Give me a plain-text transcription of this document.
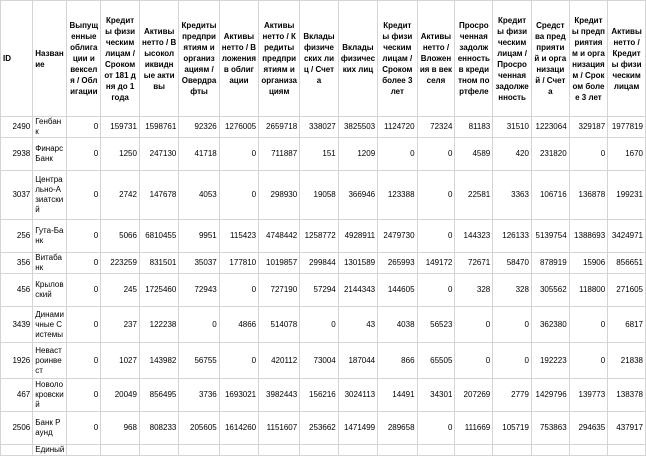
ID	Название	Выпущенные облигации и векселя / Облигации	Кредиты физическим лицам / Сроком от 181 дня до 1 года	Активы нетто / Высоколиквидные активы	Кредиты предприятиям и организациям / Овердрафты	Активы нетто / Вложения в облигации	Активы нетто / Кредиты предприятиям и организациям	Вклады физических лиц / Счета	Вклады физических лиц	Кредиты физическим лицам / Сроком более 3 лет	Активы нетто / Вложения в векселя	Просроченная задолженность в кредитном портфеле	Кредиты физическим лицам / Просроченная задолженность	Средства предприятий и организаций / Счета	Кредиты предприятиям и организациям / Сроком более 3 лет	Активы нетто / Кредиты физическим лицам
2490	Генбанк	0	159731	1598761	92326	1276005	2659718	338027	3825503	1124720	72324	81183	31510	1223064	329187	1977819
2938	Финарс Банк	0	1250	247130	41718	0	711887	151	1209	0	0	4589	420	231820	0	1670
3037	Центрально-Азиатский	0	2742	147678	4053	0	298930	19058	366946	123388	0	22581	3363	106716	136878	199231
256	Гута-Банк	0	5066	6810455	9951	115423	4748442	1258772	4928911	2479730	0	144323	126133	5139754	1388693	3424971
356	Витабанк	0	223259	831501	35037	177810	1019857	299844	1301589	265993	149172	72671	58470	878919	15906	856651
456	Крыловский	0	245	1725460	72943	0	727190	57294	2144343	144605	0	328	328	305562	118800	271605
3439	Динамичные Системы	0	237	122238	0	4866	514078	0	43	4038	56523	0	0	362380	0	6817
1926	Невастроинвест	0	1027	143982	56755	0	420112	73004	187044	866	65505	0	0	192223	0	21838
467	Новолокровский	0	20049	856495	3736	1693021	3982443	156216	3024113	14491	34301	207269	2779	1429796	139773	138378
2506	Банк Раунд	0	968	808233	205605	1614260	1151607	253662	1471499	289658	0	111669	105719	753863	294635	437917
	Единый															
